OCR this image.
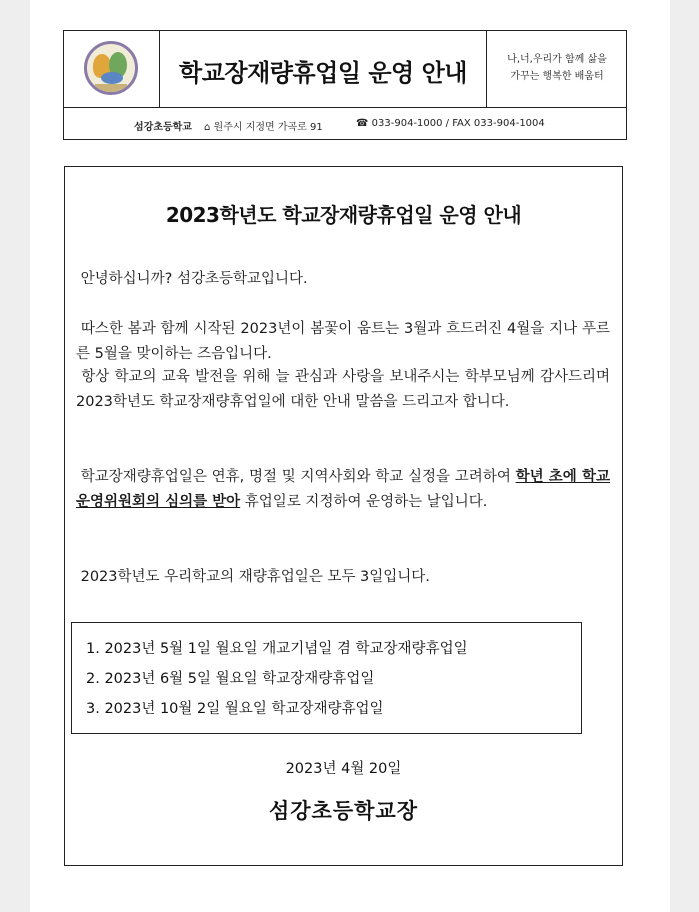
학교장재량휴업일 운영 안내	나,너,우리가 함께 삶을
가꾸는 행복한 배움터
섬강초등학교 ⌂ 원주시 지정면 가곡로 91	☎ 033-904-1000 / FAX 033-904-1004
2023학년도 학교장재량휴업일 운영 안내
안녕하십니까? 섬강초등학교입니다.
따스한 봄과 함께 시작된 2023년이 봄꽃이 움트는 3월과 흐드러진 4월을 지나 푸르른 5월을 맞이하는 즈음입니다.
항상 학교의 교육 발전을 위해 늘 관심과 사랑을 보내주시는 학부모님께 감사드리며 2023학년도 학교장재량휴업일에 대한 안내 말씀을 드리고자 합니다.
학교장재량휴업일은 연휴, 명절 및 지역사회와 학교 실정을 고려하여 학년 초에 학교운영위원회의 심의를 받아 휴업일로 지정하여 운영하는 날입니다.
2023학년도 우리학교의 재량휴업일은 모두 3일입니다.
1. 2023년 5월 1일 월요일 개교기념일 겸 학교장재량휴업일
2. 2023년 6월 5일 월요일 학교장재량휴업일
3. 2023년 10월 2일 월요일 학교장재량휴업일
2023년 4월 20일
섬강초등학교장
